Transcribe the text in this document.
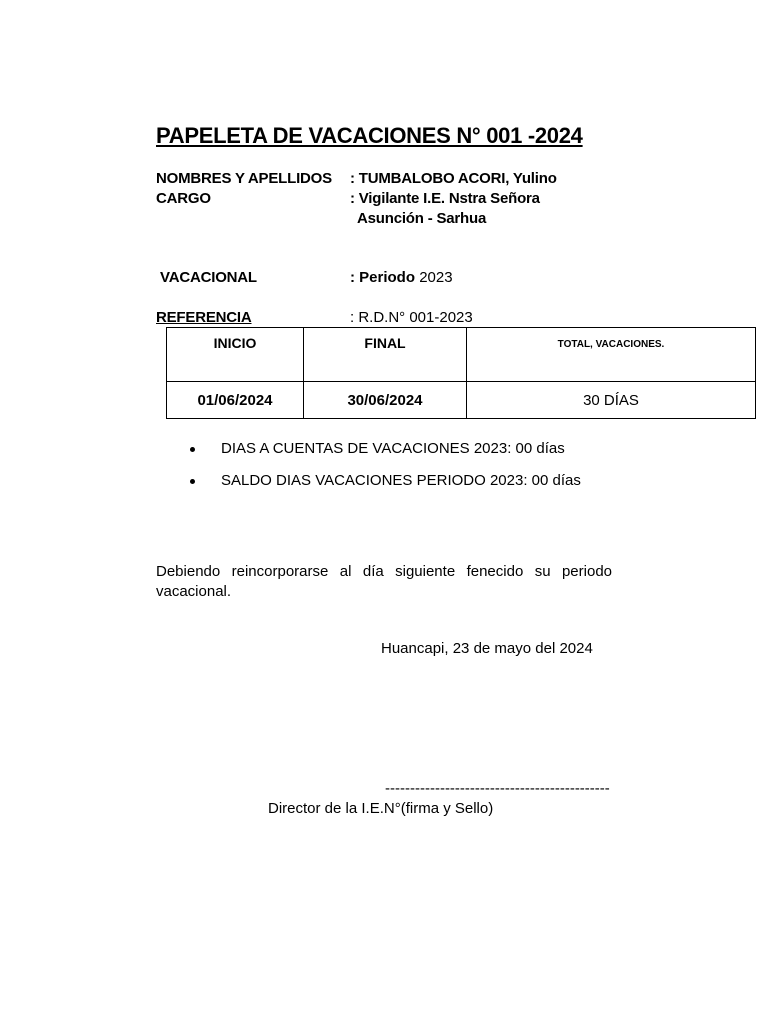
PAPELETA DE VACACIONES N° 001 -2024
NOMBRES Y APELLIDOS : TUMBALOBO ACORI, Yulino
CARGO	: Vigilante I.E. Nstra Señora
Asunción - Sarhua
VACACIONAL	: Periodo 2023
REFERENCIA	: R.D.N° 001-2023
INICIO	FINAL	TOTAL, VACACIONES.
01/06/2024	30/06/2024	30 DÍAS
DIAS A CUENTAS DE VACACIONES 2023: 00 días
SALDO DIAS VACACIONES PERIODO 2023: 00 días
Debiendo reincorporarse al día siguiente fenecido su periodo
vacacional.
Huancapi, 23 de mayo del 2024
---------------------------------------------
Director de la I.E.N°(firma y Sello)
